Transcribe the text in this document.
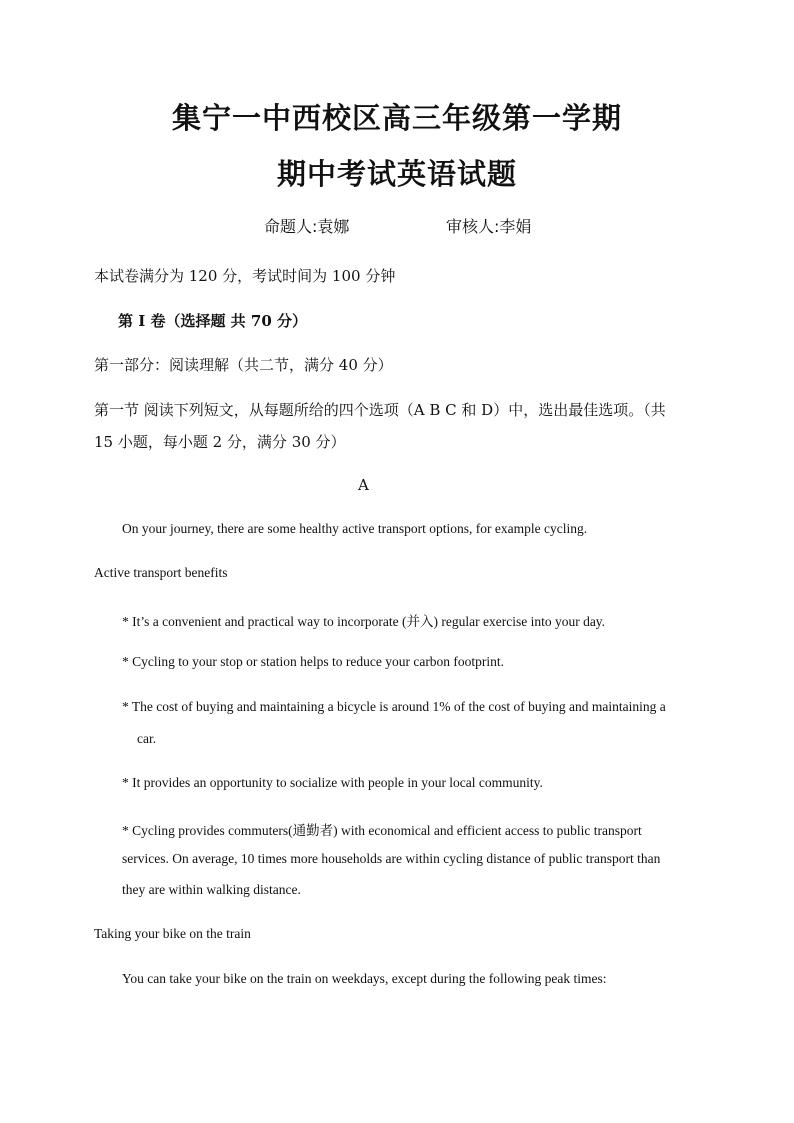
集宁一中西校区高三年级第一学期
期中考试英语试题
命题人:袁娜	审核人:李娟
本试卷满分为 120 分，考试时间为 100 分钟
第 I 卷（选择题 共 70 分）
第一部分：阅读理解（共二节，满分 40 分）
第一节 阅读下列短文，从每题所给的四个选项（A B C 和 D）中，选出最佳选项。（共
15 小题，每小题 2 分，满分 30 分）
A
On your journey, there are some healthy active transport options, for example cycling.
Active transport benefits
* It’s a convenient and practical way to incorporate (并入) regular exercise into your day.
* Cycling to your stop or station helps to reduce your carbon footprint.
* The cost of buying and maintaining a bicycle is around 1% of the cost of buying and maintaining a
car.
* It provides an opportunity to socialize with people in your local community.
* Cycling provides commuters(通勤者) with economical and efficient access to public transport
services. On average, 10 times more households are within cycling distance of public transport than
they are within walking distance.
Taking your bike on the train
You can take your bike on the train on weekdays, except during the following peak times:
